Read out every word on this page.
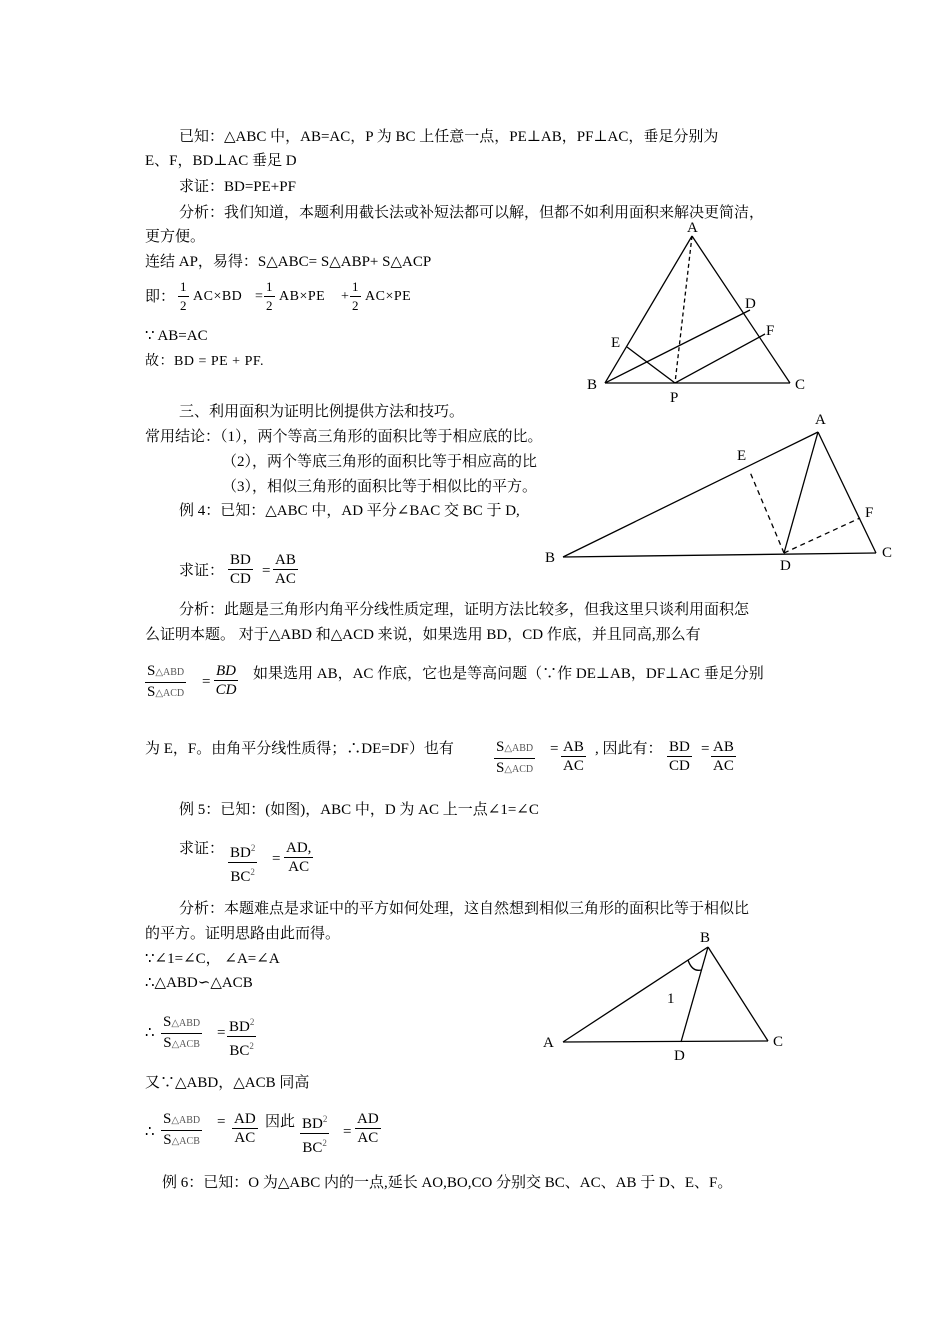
已知：△ABC 中，AB=AC，P 为 BC 上任意一点，PE⊥AB，PF⊥AC，垂足分别为
E、F，BD⊥AC 垂足 D
求证：BD=PE+PF
分析：我们知道，本题利用截长法或补短法都可以解，但都不如利用面积来解决更简洁，
更方便。
连结 AP，易得：S△ABC= S△ABP+ S△ACP
即： $\frac{1}{2} AC\times BD = \frac{1}{2} AB\times PE + \frac{1}{2} AC\times PE$
∵ AB=AC
故：BD = PE + PF.
A
B	C
D
E
F
P
三、利用面积为证明比例提供方法和技巧。
常用结论：（1），两个等高三角形的面积比等于相应底的比。
（2），两个等底三角形的面积比等于相应高的比
（3），相似三角形的面积比等于相似比的平方。
例 4：已知：△ABC 中，AD 平分∠BAC 交 BC 于 D,
求证： $\frac{BD}{CD} = \frac{AB}{AC}$
A
B	C
D
E
F
分析：此题是三角形内角平分线性质定理，证明方法比较多，但我这里只谈利用面积怎
么证明本题。 对于△ABD 和△ACD 来说，如果选用 BD，CD 作底，并且同高,那么有
S△ABD
S△ACD
= $\frac{BD}{CD}$ 如果选用 AB，AC 作底，它也是等高问题（∵作 DE⊥AB，DF⊥AC 垂足分别
为 E，F。由角平分线性质得；∴DE=DF）也有	S△ABD
S△ACD
= $\frac{AB}{AC}$ , 因此有： $\frac{BD}{CD} = \frac{AB}{AC}$
例 5：已知：(如图)，ABC 中，D 为 AC 上一点∠1=∠C
求证： $\frac{BD^2}{BC^2} = \frac{AD,}{AC}$
分析：本题难点是求证中的平方如何处理，这自然想到相似三角形的面积比等于相似比
的平方。证明思路由此而得。
∵∠1=∠C， ∠A=∠A
∴△ABD∽△ACB
B
A	C
D
1
∴
S△ABD
S△ACB
= $\frac{BD^2}{BC^2}$
又∵△ABD，△ACB 同高
∴
S△ABD
S△ACB
= $\frac{AD}{AC}$ 因此 $\frac{BD^2}{BC^2} = \frac{AD}{AC}$
例 6：已知：O 为△ABC 内的一点,延长 AO,BO,CO 分别交 BC、AC、AB 于 D、E、F。
